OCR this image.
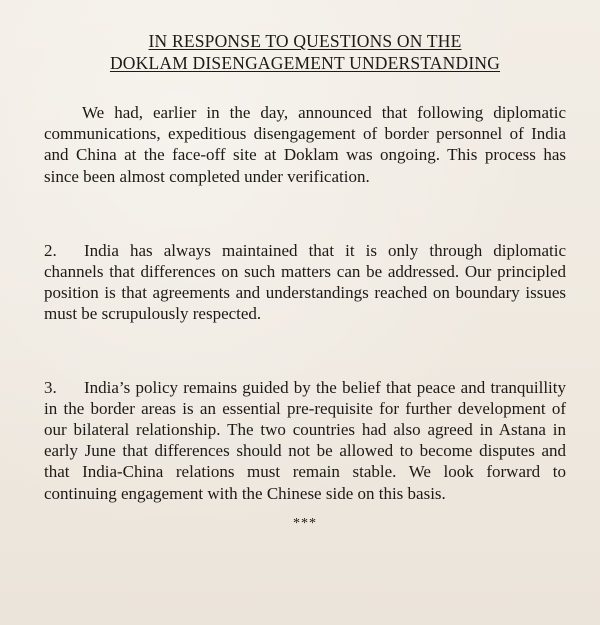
IN RESPONSE TO QUESTIONS ON THE
DOKLAM DISENGAGEMENT UNDERSTANDING

We had, earlier in the day, announced that following diplomatic communications, expeditious disengagement of border personnel of India and China at the face-off site at Doklam was ongoing. This process has since been almost completed under verification.

2. India has always maintained that it is only through diplomatic channels that differences on such matters can be addressed. Our principled position is that agreements and understandings reached on boundary issues must be scrupulously respected.

3. India’s policy remains guided by the belief that peace and tranquillity in the border areas is an essential pre-requisite for further development of our bilateral relationship. The two countries had also agreed in Astana in early June that differences should not be allowed to become disputes and that India-China relations must remain stable. We look forward to continuing engagement with the Chinese side on this basis.

***
